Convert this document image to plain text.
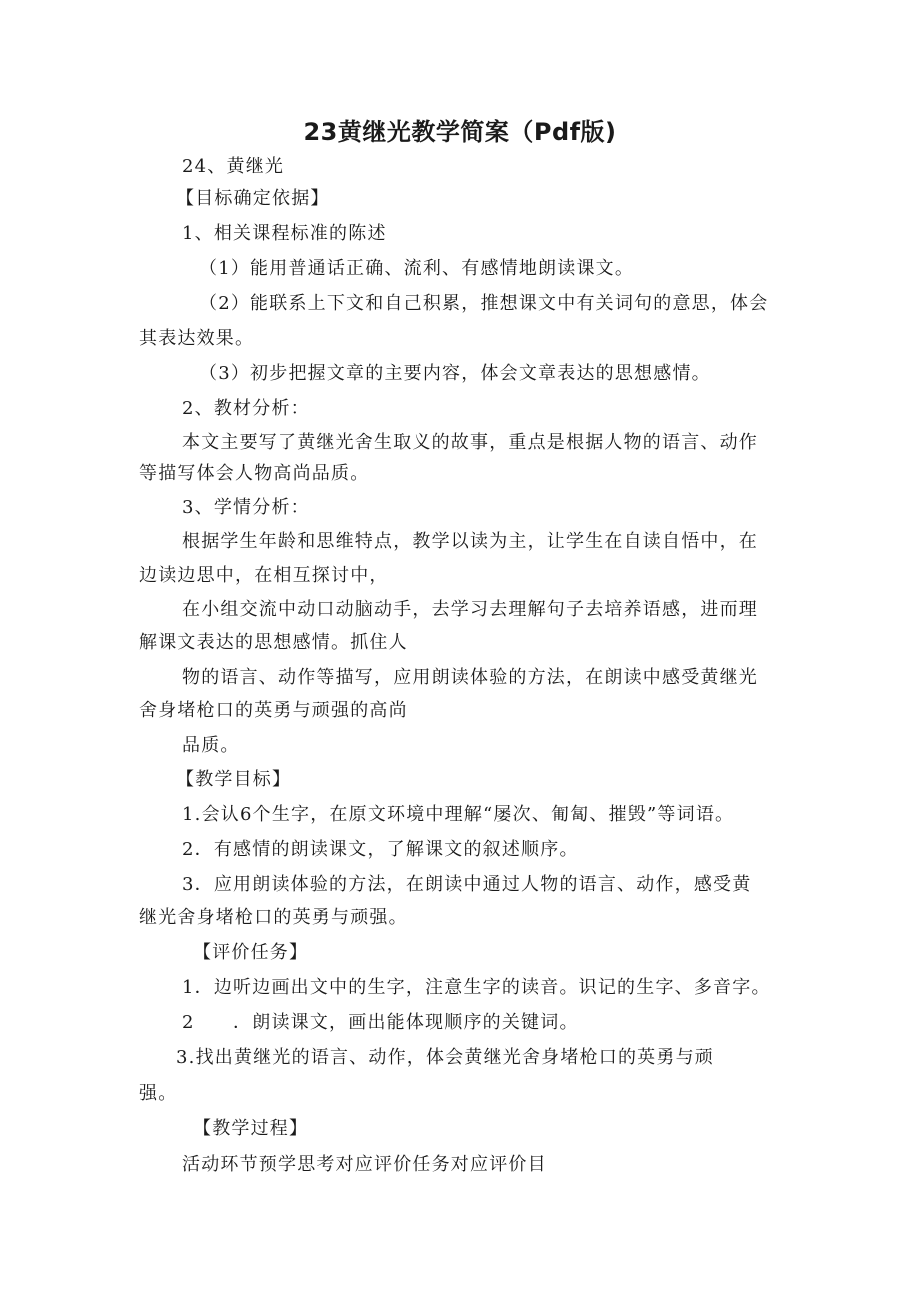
23黄继光教学简案（Pdf版)
24、黄继光
【目标确定依据】
1、相关课程标准的陈述
（1）能用普通话正确、流利、有感情地朗读课文。
（2）能联系上下文和自己积累，推想课文中有关词句的意思，体会
其表达效果。
（3）初步把握文章的主要内容，体会文章表达的思想感情。
2、教材分析：
本文主要写了黄继光舍生取义的故事，重点是根据人物的语言、动作
等描写体会人物高尚品质。
3、学情分析：
根据学生年龄和思维特点，教学以读为主，让学生在自读自悟中，在
边读边思中，在相互探讨中，
在小组交流中动口动脑动手，去学习去理解句子去培养语感，进而理
解课文表达的思想感情。抓住人
物的语言、动作等描写，应用朗读体验的方法，在朗读中感受黄继光
舍身堵枪口的英勇与顽强的高尚
品质。
【教学目标】
1.会认6个生字，在原文环境中理解“屡次、匍匐、摧毁”等词语。
2．有感情的朗读课文，了解课文的叙述顺序。
3．应用朗读体验的方法，在朗读中通过人物的语言、动作，感受黄
继光舍身堵枪口的英勇与顽强。
【评价任务】
1．边听边画出文中的生字，注意生字的读音。识记的生字、多音字。
2　　．朗读课文，画出能体现顺序的关键词。
3.找出黄继光的语言、动作，体会黄继光舍身堵枪口的英勇与顽
强。
【教学过程】
活动环节预学思考对应评价任务对应评价目
